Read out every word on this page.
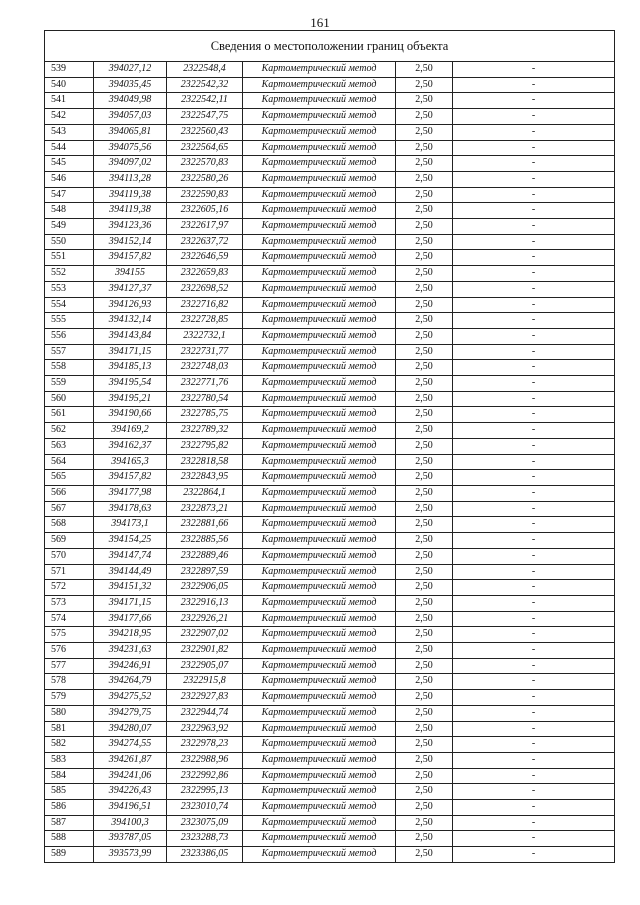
161
Сведения о местоположении границ объекта					
539	394027,12	2322548,4	Картометрический метод	2,50	-
540	394035,45	2322542,32	Картометрический метод	2,50	-
541	394049,98	2322542,11	Картометрический метод	2,50	-
542	394057,03	2322547,75	Картометрический метод	2,50	-
543	394065,81	2322560,43	Картометрический метод	2,50	-
544	394075,56	2322564,65	Картометрический метод	2,50	-
545	394097,02	2322570,83	Картометрический метод	2,50	-
546	394113,28	2322580,26	Картометрический метод	2,50	-
547	394119,38	2322590,83	Картометрический метод	2,50	-
548	394119,38	2322605,16	Картометрический метод	2,50	-
549	394123,36	2322617,97	Картометрический метод	2,50	-
550	394152,14	2322637,72	Картометрический метод	2,50	-
551	394157,82	2322646,59	Картометрический метод	2,50	-
552	394155	2322659,83	Картометрический метод	2,50	-
553	394127,37	2322698,52	Картометрический метод	2,50	-
554	394126,93	2322716,82	Картометрический метод	2,50	-
555	394132,14	2322728,85	Картометрический метод	2,50	-
556	394143,84	2322732,1	Картометрический метод	2,50	-
557	394171,15	2322731,77	Картометрический метод	2,50	-
558	394185,13	2322748,03	Картометрический метод	2,50	-
559	394195,54	2322771,76	Картометрический метод	2,50	-
560	394195,21	2322780,54	Картометрический метод	2,50	-
561	394190,66	2322785,75	Картометрический метод	2,50	-
562	394169,2	2322789,32	Картометрический метод	2,50	-
563	394162,37	2322795,82	Картометрический метод	2,50	-
564	394165,3	2322818,58	Картометрический метод	2,50	-
565	394157,82	2322843,95	Картометрический метод	2,50	-
566	394177,98	2322864,1	Картометрический метод	2,50	-
567	394178,63	2322873,21	Картометрический метод	2,50	-
568	394173,1	2322881,66	Картометрический метод	2,50	-
569	394154,25	2322885,56	Картометрический метод	2,50	-
570	394147,74	2322889,46	Картометрический метод	2,50	-
571	394144,49	2322897,59	Картометрический метод	2,50	-
572	394151,32	2322906,05	Картометрический метод	2,50	-
573	394171,15	2322916,13	Картометрический метод	2,50	-
574	394177,66	2322926,21	Картометрический метод	2,50	-
575	394218,95	2322907,02	Картометрический метод	2,50	-
576	394231,63	2322901,82	Картометрический метод	2,50	-
577	394246,91	2322905,07	Картометрический метод	2,50	-
578	394264,79	2322915,8	Картометрический метод	2,50	-
579	394275,52	2322927,83	Картометрический метод	2,50	-
580	394279,75	2322944,74	Картометрический метод	2,50	-
581	394280,07	2322963,92	Картометрический метод	2,50	-
582	394274,55	2322978,23	Картометрический метод	2,50	-
583	394261,87	2322988,96	Картометрический метод	2,50	-
584	394241,06	2322992,86	Картометрический метод	2,50	-
585	394226,43	2322995,13	Картометрический метод	2,50	-
586	394196,51	2323010,74	Картометрический метод	2,50	-
587	394100,3	2323075,09	Картометрический метод	2,50	-
588	393787,05	2323288,73	Картометрический метод	2,50	-
589	393573,99	2323386,05	Картометрический метод	2,50	-
